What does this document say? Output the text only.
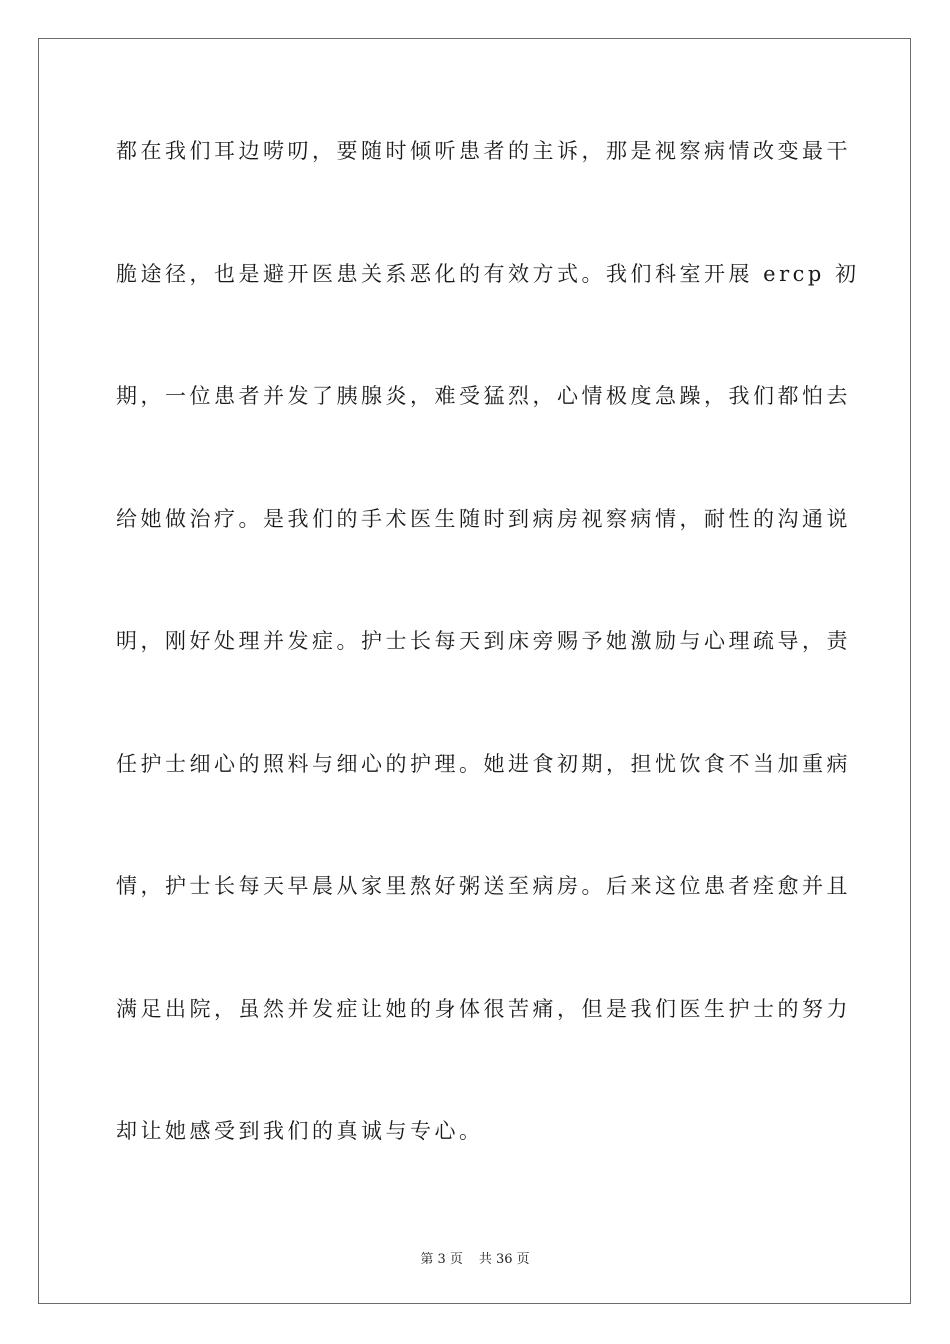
都在我们耳边唠叨，要随时倾听患者的主诉，那是视察病情改变最干
脆途径，也是避开医患关系恶化的有效方式。我们科室开展 ercp 初
期，一位患者并发了胰腺炎，难受猛烈，心情极度急躁，我们都怕去
给她做治疗。是我们的手术医生随时到病房视察病情，耐性的沟通说
明，刚好处理并发症。护士长每天到床旁赐予她激励与心理疏导，责
任护士细心的照料与细心的护理。她进食初期，担忧饮食不当加重病
情，护士长每天早晨从家里熬好粥送至病房。后来这位患者痊愈并且
满足出院，虽然并发症让她的身体很苦痛，但是我们医生护士的努力
却让她感受到我们的真诚与专心。
第 3 页 共 36 页
